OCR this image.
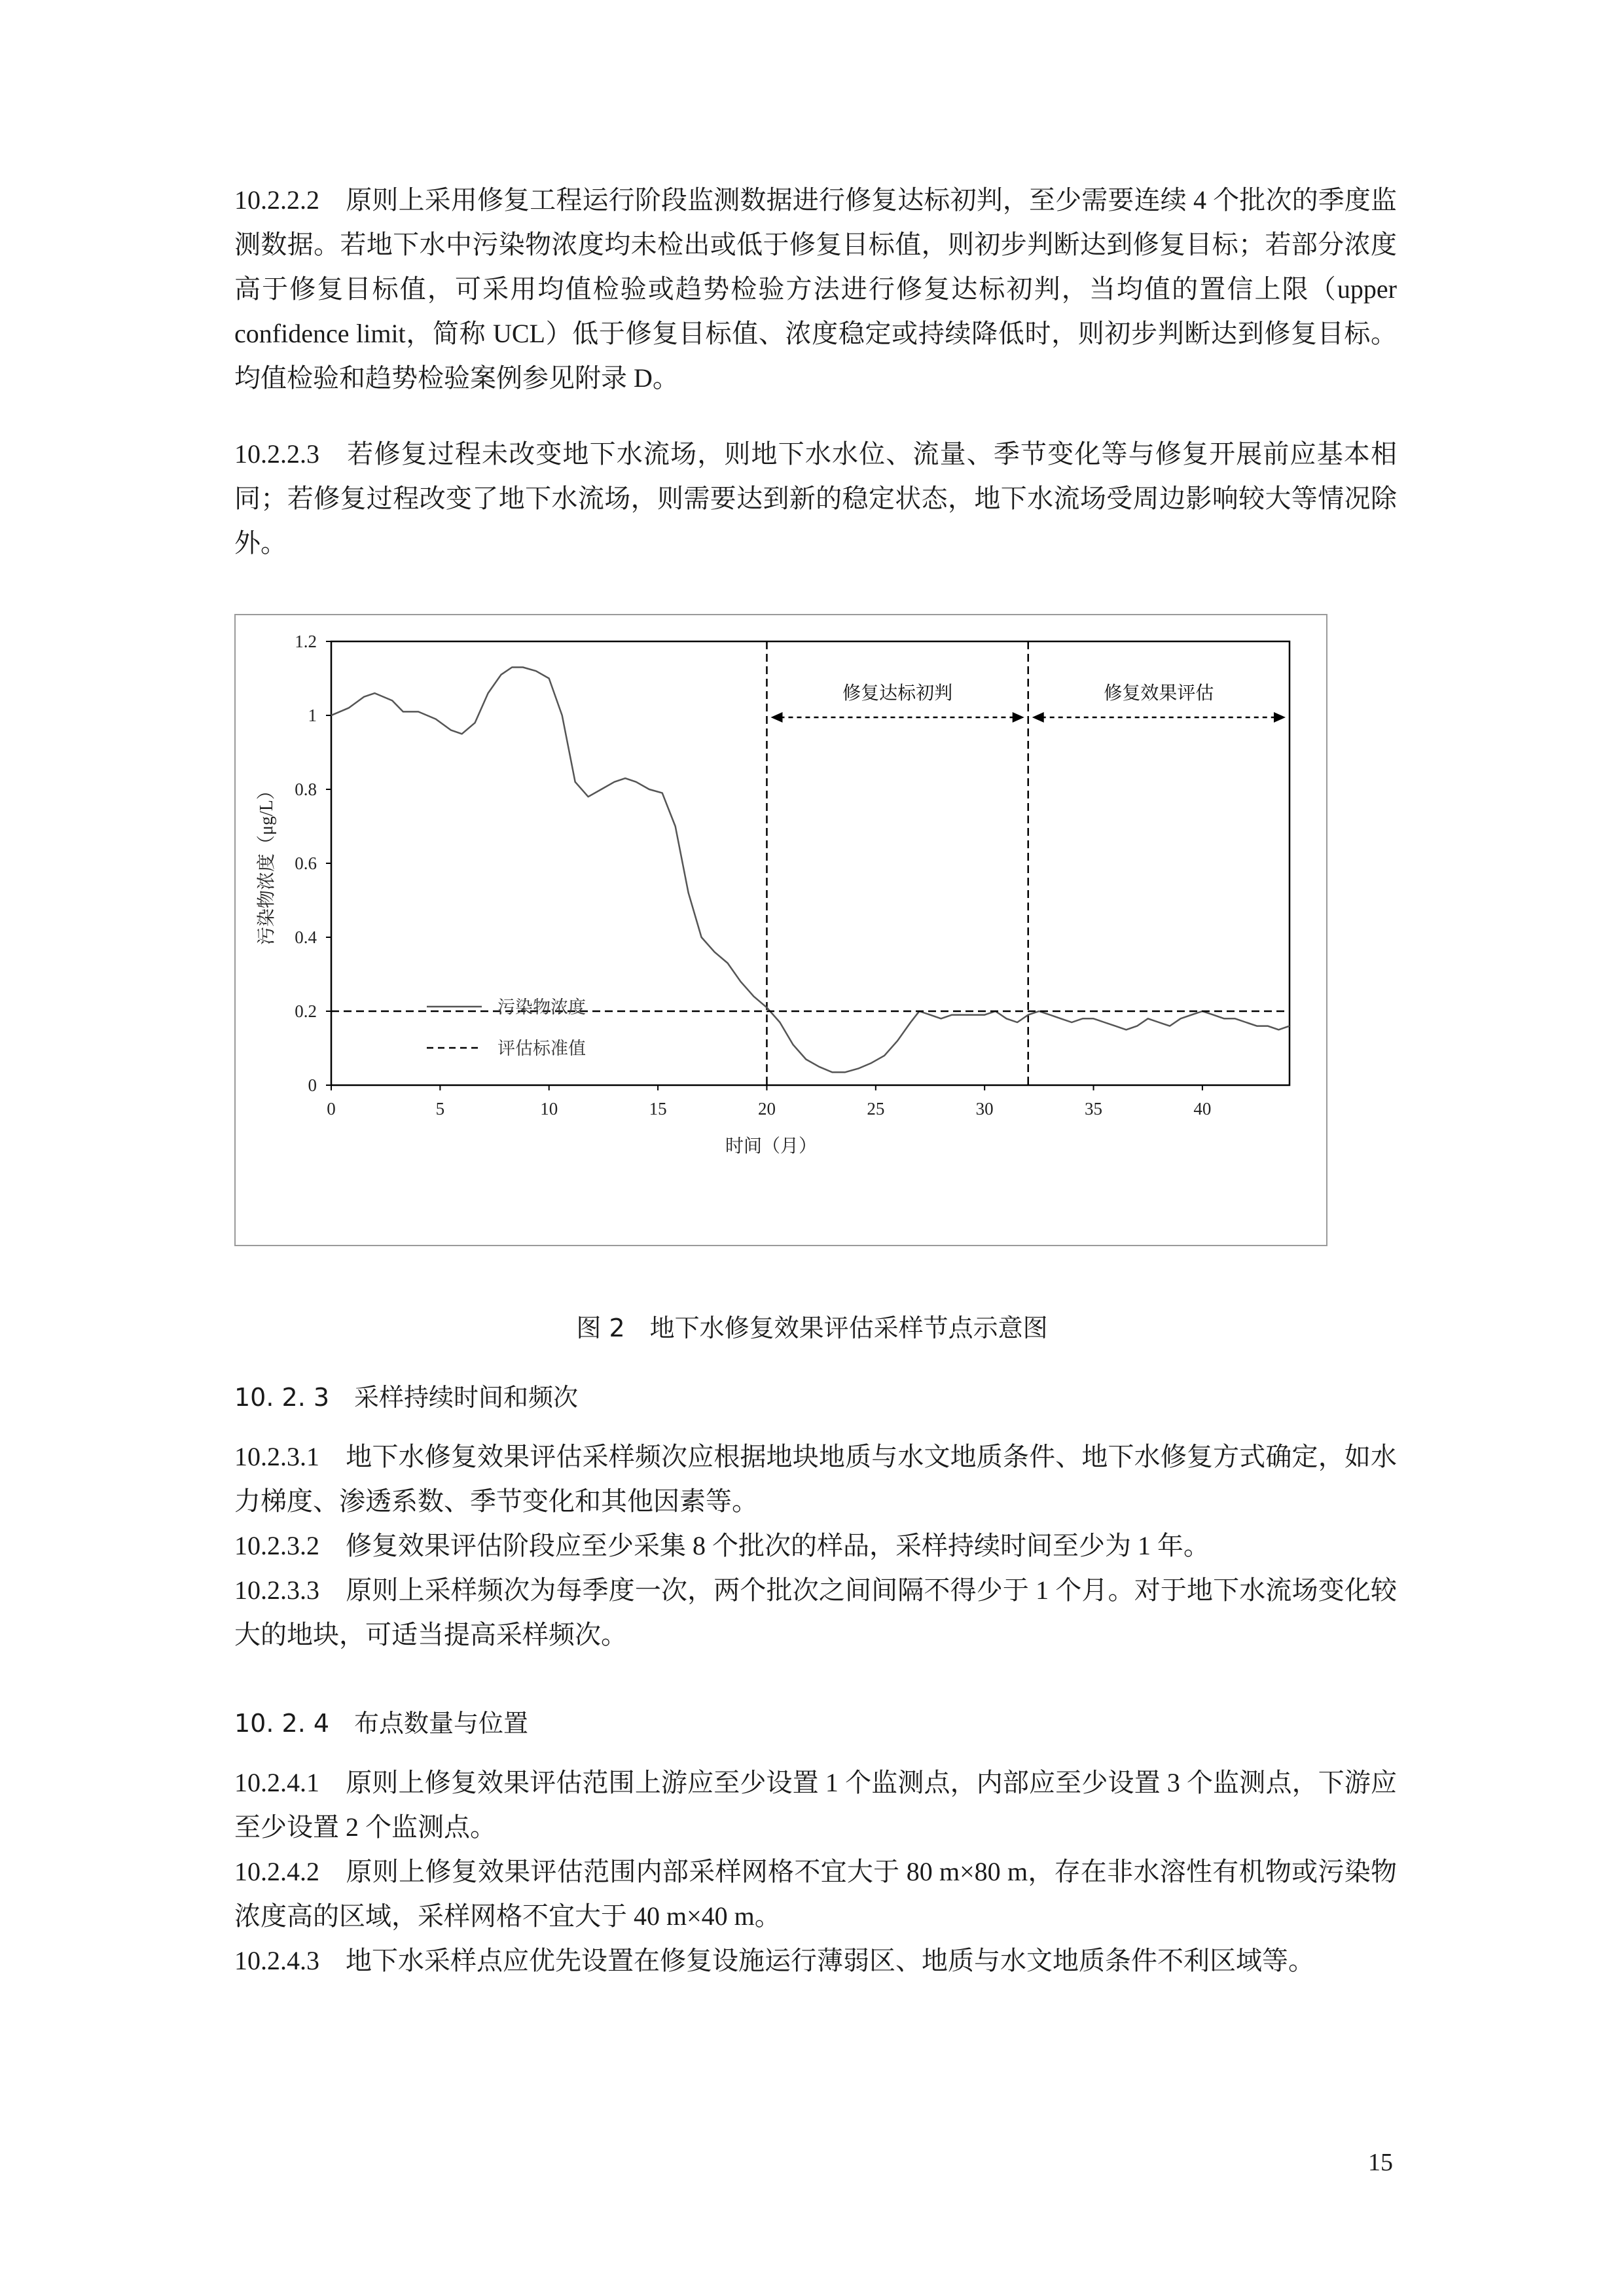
10.2.2.2　原则上采用修复工程运行阶段监测数据进行修复达标初判，至少需要连续 4 个批次的季度监测数据。若地下水中污染物浓度均未检出或低于修复目标值，则初步判断达到修复目标；若部分浓度高于修复目标值，可采用均值检验或趋势检验方法进行修复达标初判，当均值的置信上限（upper confidence limit，简称 UCL）低于修复目标值、浓度稳定或持续降低时，则初步判断达到修复目标。均值检验和趋势检验案例参见附录 D。

10.2.2.3　若修复过程未改变地下水流场，则地下水水位、流量、季节变化等与修复开展前应基本相同；若修复过程改变了地下水流场，则需要达到新的稳定状态，地下水流场受周边影响较大等情况除外。

0
0.2
0.4
0.6
0.8
1
1.2
0	5	10	15	20	25	30	35	40
时间（月）
污染物浓度（μg/L）
修复达标初判	修复效果评估
污染物浓度
评估标准值

图 2　地下水修复效果评估采样节点示意图

10. 2. 3　采样持续时间和频次

10.2.3.1　地下水修复效果评估采样频次应根据地块地质与水文地质条件、地下水修复方式确定，如水力梯度、渗透系数、季节变化和其他因素等。

10.2.3.2　修复效果评估阶段应至少采集 8 个批次的样品，采样持续时间至少为 1 年。

10.2.3.3　原则上采样频次为每季度一次，两个批次之间间隔不得少于 1 个月。对于地下水流场变化较大的地块，可适当提高采样频次。

10. 2. 4　布点数量与位置

10.2.4.1　原则上修复效果评估范围上游应至少设置 1 个监测点，内部应至少设置 3 个监测点，下游应至少设置 2 个监测点。

10.2.4.2　原则上修复效果评估范围内部采样网格不宜大于 80 m×80 m，存在非水溶性有机物或污染物浓度高的区域，采样网格不宜大于 40 m×40 m。

10.2.4.3　地下水采样点应优先设置在修复设施运行薄弱区、地质与水文地质条件不利区域等。

15
